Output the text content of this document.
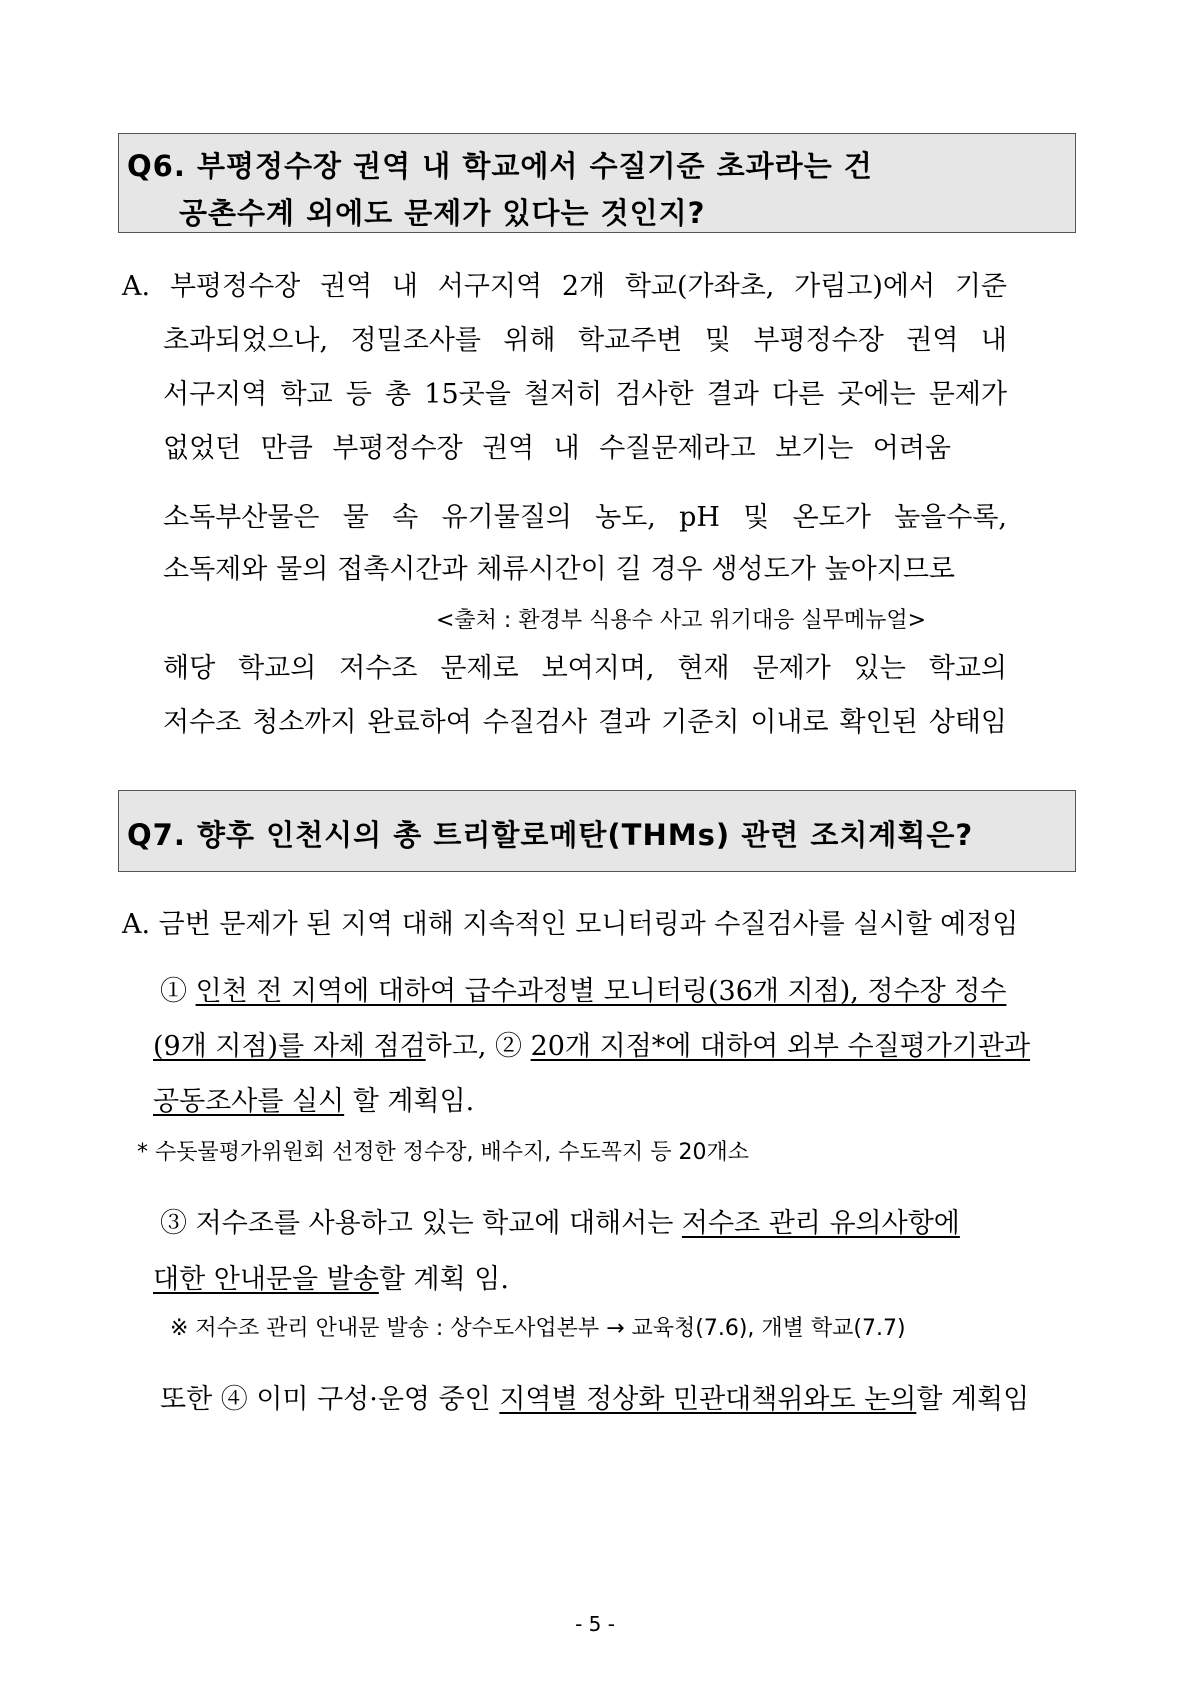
Q6. 부평정수장 권역 내 학교에서 수질기준 초과라는 건
공촌수계 외에도 문제가 있다는 것인지?
A. 부평정수장 권역 내 서구지역 2개 학교(가좌초, 가림고)에서 기준
초과되었으나, 정밀조사를 위해 학교주변 및 부평정수장 권역 내
서구지역 학교 등 총 15곳을 철저히 검사한 결과 다른 곳에는 문제가
없었던 만큼 부평정수장 권역 내 수질문제라고 보기는 어려움
소독부산물은 물 속 유기물질의 농도, pH 및 온도가 높을수록,
소독제와 물의 접촉시간과 체류시간이 길 경우 생성도가 높아지므로
<출처 : 환경부 식용수 사고 위기대응 실무메뉴얼>
해당 학교의 저수조 문제로 보여지며, 현재 문제가 있는 학교의
저수조 청소까지 완료하여 수질검사 결과 기준치 이내로 확인된 상태임
Q7. 향후 인천시의 총 트리할로메탄(THMs) 관련 조치계획은?
A. 금번 문제가 된 지역 대해 지속적인 모니터링과 수질검사를 실시할 예정임
① 인천 전 지역에 대하여 급수과정별 모니터링(36개 지점), 정수장 정수
(9개 지점)를 자체 점검하고, ② 20개 지점*에 대하여 외부 수질평가기관과
공동조사를 실시 할 계획임.
* 수돗물평가위원회 선정한 정수장, 배수지, 수도꼭지 등 20개소
③ 저수조를 사용하고 있는 학교에 대해서는 저수조 관리 유의사항에
대한 안내문을 발송할 계획 임.
※ 저수조 관리 안내문 발송 : 상수도사업본부 → 교육청(7.6), 개별 학교(7.7)
또한 ④ 이미 구성·운영 중인 지역별 정상화 민관대책위와도 논의할 계획임
- 5 -
